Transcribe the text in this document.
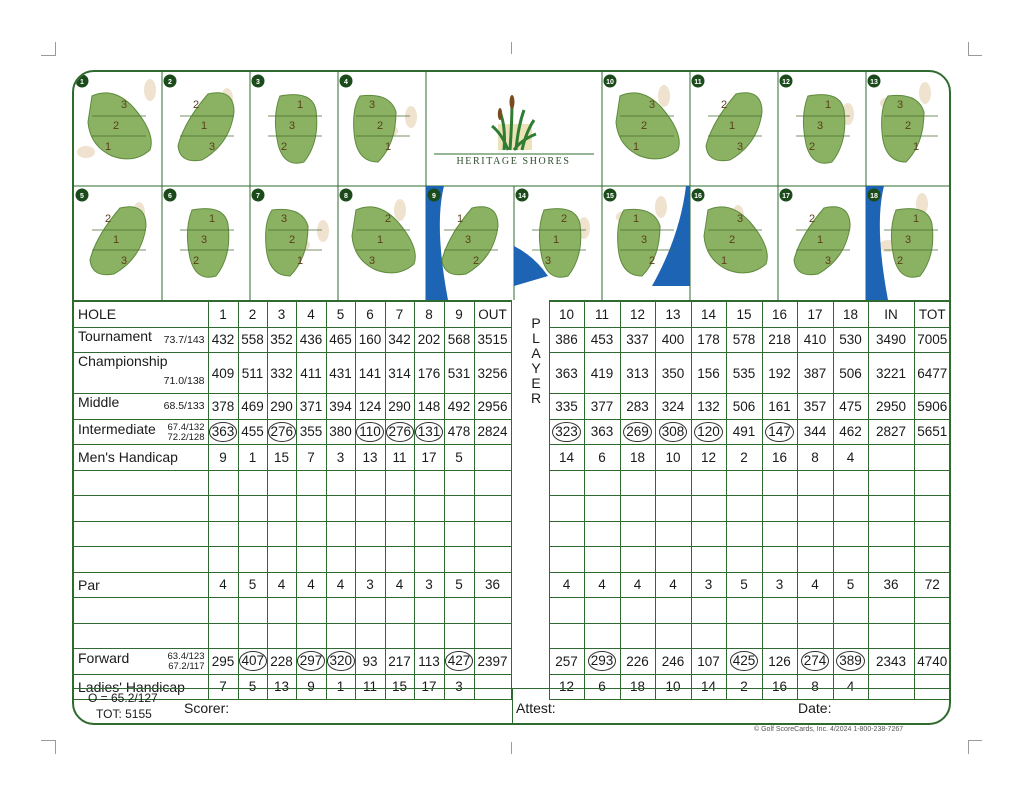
3
2
1
1
2
1
3
2
1
3
2
3
3
2
1
4
3
2
1
10
2
1
3
11
1
3
2
12
3
2
1
13
2
1
3
5
1
3
2
6
3
2
1
7
2
1
3
8
1
3
2
9
2
1
3
14
1
3
2
15
3
2
1
16
2
1
3
17
1
3
2
18
HERITAGE SHORES
HOLE	1	2	3	4	5	6	7	8	9	OUT		10	11	12	13	14	15	16	17	18	IN	TOT
Tournament 73.7/143	432	558	352	436	465	160	342	202	568	3515		386	453	337	400	178	578	218	410	530	3490	7005
Championship
71.0/138	409	511	332	411	431	141	314	176	531	3256		363	419	313	350	156	535	192	387	506	3221	6477
Middle 68.5/133	378	469	290	371	394	124	290	148	492	2956		335	377	283	324	132	506	161	357	475	2950	5906
Intermediate 67.4/132
72.2/128	363	455	276	355	380	110	276	131	478	2824		323	363	269	308	120	491	147	344	462	2827	5651
Men's Handicap	9	1	15	7	3	13	11	17	5			14	6	18	10	12	2	16	8	4		

Par	4	5	4	4	4	3	4	3	5	36		4	4	4	4	3	5	3	4	5	36	72

Forward 63.4/123
67.2/117	295	407	228	297	320	93	217	113	427	2397		257	293	226	246	107	425	126	274	389	2343	4740
Ladies' Handicap	7	5	13	9	1	11	15	17	3			12	6	18	10	14	2	16	8	4		
P
L
A
Y
E
R
O = 65.2/127
TOT: 5155 Scorer:	Attest:	Date:
© Golf ScoreCards, Inc. 4/2024 1-800-238-7267
